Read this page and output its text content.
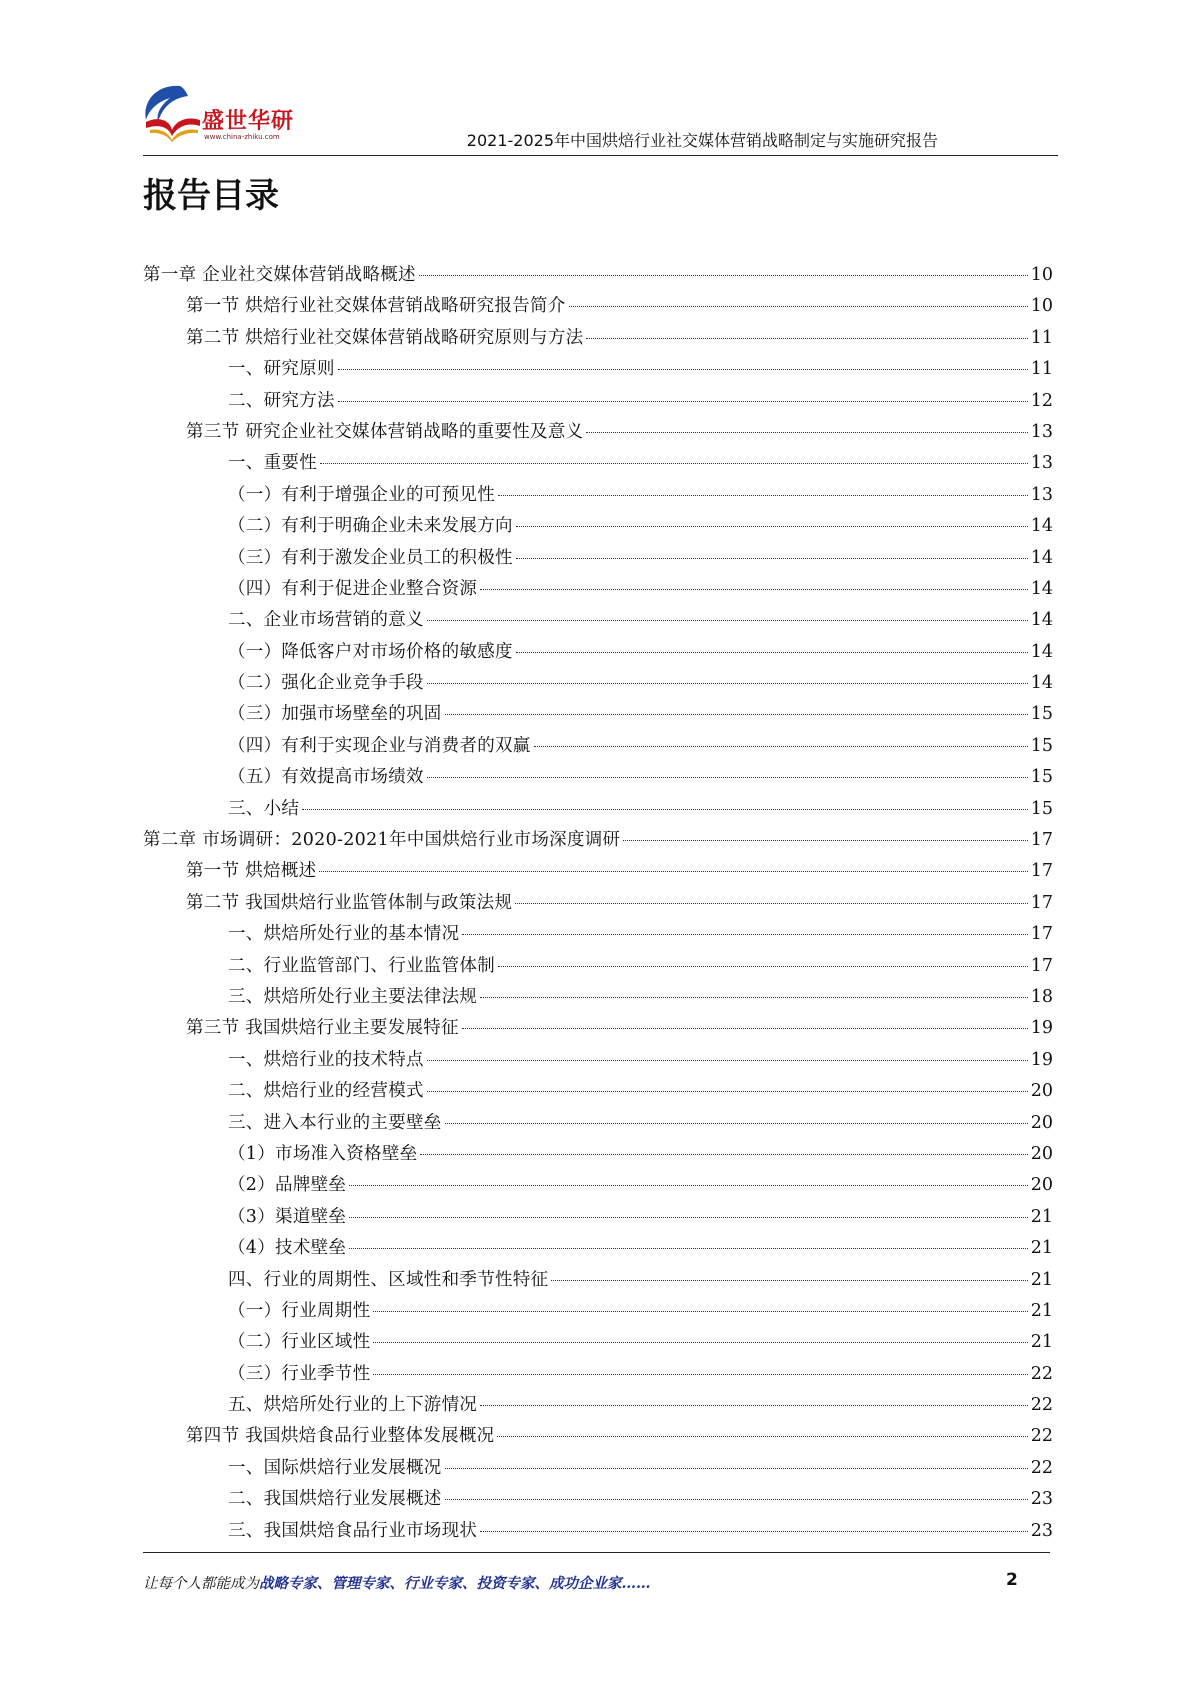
盛世华研
www.china-zhiku.com	2021-2025年中国烘焙行业社交媒体营销战略制定与实施研究报告
报告目录
第一章 企业社交媒体营销战略概述	10
第一节 烘焙行业社交媒体营销战略研究报告简介	10
第二节 烘焙行业社交媒体营销战略研究原则与方法	11
一、研究原则	11
二、研究方法	12
第三节 研究企业社交媒体营销战略的重要性及意义	13
一、重要性	13
（一）有利于增强企业的可预见性	13
（二）有利于明确企业未来发展方向	14
（三）有利于激发企业员工的积极性	14
（四）有利于促进企业整合资源	14
二、企业市场营销的意义	14
（一）降低客户对市场价格的敏感度	14
（二）强化企业竞争手段	14
（三）加强市场壁垒的巩固	15
（四）有利于实现企业与消费者的双赢	15
（五）有效提高市场绩效	15
三、小结	15
第二章 市场调研：2020-2021年中国烘焙行业市场深度调研	17
第一节 烘焙概述	17
第二节 我国烘焙行业监管体制与政策法规	17
一、烘焙所处行业的基本情况	17
二、行业监管部门、行业监管体制	17
三、烘焙所处行业主要法律法规	18
第三节 我国烘焙行业主要发展特征	19
一、烘焙行业的技术特点	19
二、烘焙行业的经营模式	20
三、进入本行业的主要壁垒	20
（1）市场准入资格壁垒	20
（2）品牌壁垒	20
（3）渠道壁垒	21
（4）技术壁垒	21
四、行业的周期性、区域性和季节性特征	21
（一）行业周期性	21
（二）行业区域性	21
（三）行业季节性	22
五、烘焙所处行业的上下游情况	22
第四节 我国烘焙食品行业整体发展概况	22
一、国际烘焙行业发展概况	22
二、我国烘焙行业发展概述	23
三、我国烘焙食品行业市场现状	23
让每个人都能成为战略专家、管理专家、行业专家、投资专家、成功企业家……	2
